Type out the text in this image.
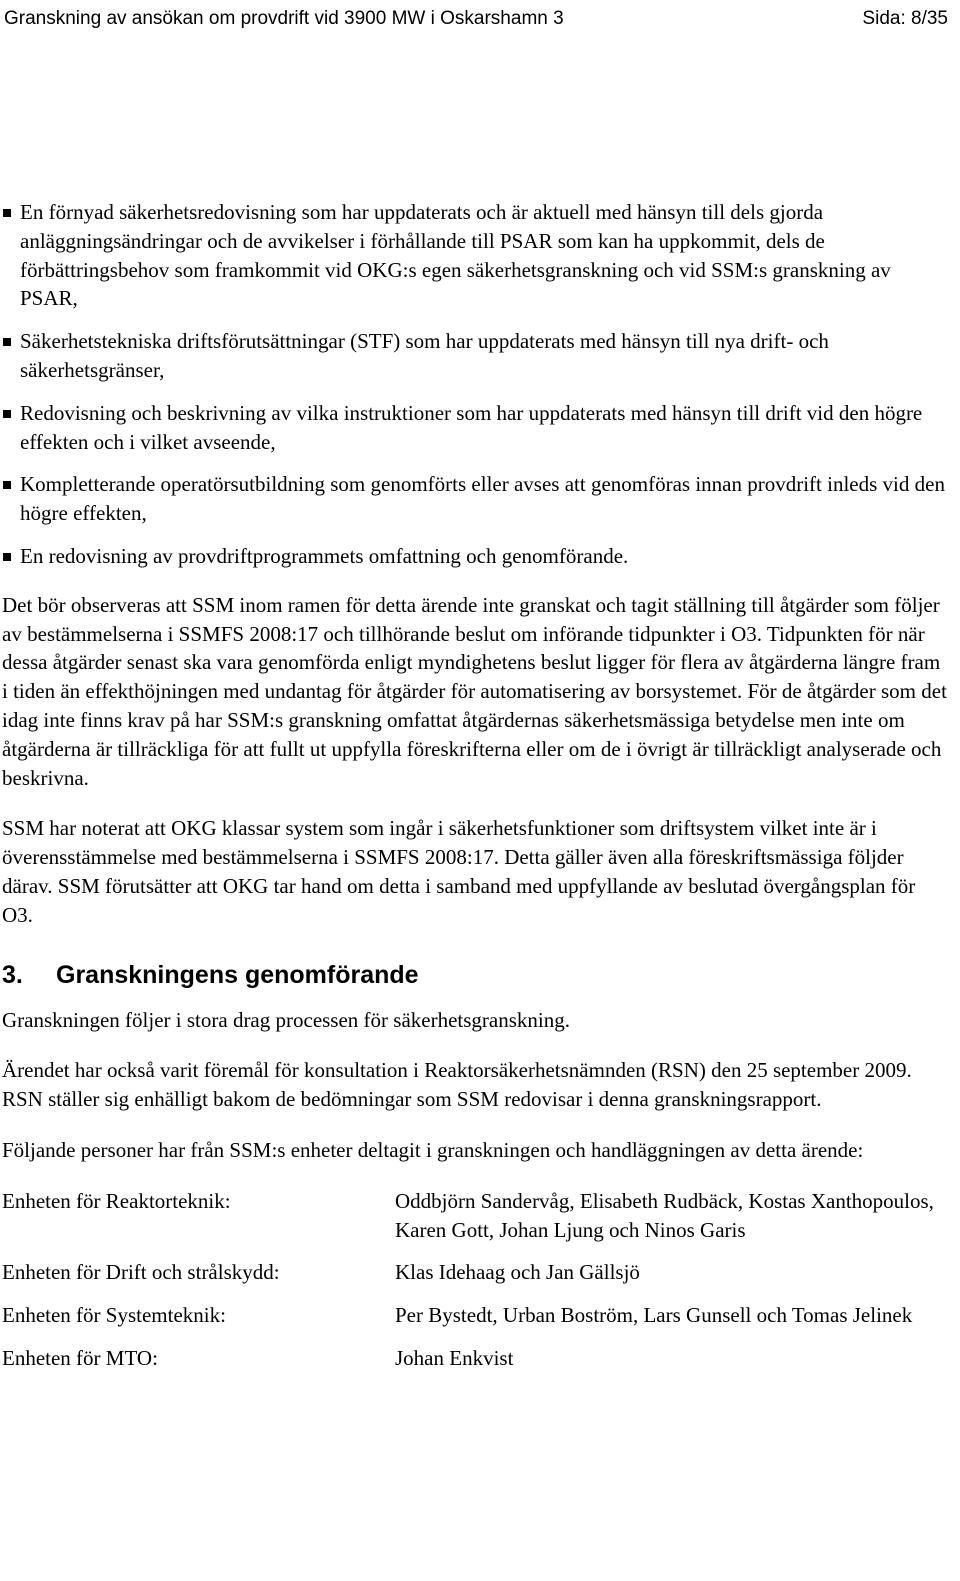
Granskning av ansökan om provdrift vid 3900 MW i Oskarshamn 3	Sida: 8/35
En förnyad säkerhetsredovisning som har uppdaterats och är aktuell med hänsyn till dels gjorda anläggningsändringar och de avvikelser i förhållande till PSAR som kan ha uppkommit, dels de förbättringsbehov som framkommit vid OKG:s egen säkerhetsgranskning och vid SSM:s granskning av PSAR,
Säkerhetstekniska driftsförutsättningar (STF) som har uppdaterats med hänsyn till nya drift- och säkerhetsgränser,
Redovisning och beskrivning av vilka instruktioner som har uppdaterats med hänsyn till drift vid den högre effekten och i vilket avseende,
Kompletterande operatörsutbildning som genomförts eller avses att genomföras innan provdrift inleds vid den högre effekten,
En redovisning av provdriftprogrammets omfattning och genomförande.

Det bör observeras att SSM inom ramen för detta ärende inte granskat och tagit ställning till åtgärder som följer av bestämmelserna i SSMFS 2008:17 och tillhörande beslut om införande tidpunkter i O3. Tidpunkten för när dessa åtgärder senast ska vara genomförda enligt myndighetens beslut ligger för flera av åtgärderna längre fram i tiden än effekthöjningen med undantag för åtgärder för automatisering av borsystemet. För de åtgärder som det idag inte finns krav på har SSM:s granskning omfattat åtgärdernas säkerhetsmässiga betydelse men inte om åtgärderna är tillräckliga för att fullt ut uppfylla föreskrifterna eller om de i övrigt är tillräckligt analyserade och beskrivna.

SSM har noterat att OKG klassar system som ingår i säkerhetsfunktioner som driftsystem vilket inte är i överensstämmelse med bestämmelserna i SSMFS 2008:17. Detta gäller även alla föreskriftsmässiga följder därav. SSM förutsätter att OKG tar hand om detta i samband med uppfyllande av beslutad övergångsplan för O3.

3. Granskningens genomförande

Granskningen följer i stora drag processen för säkerhetsgranskning.

Ärendet har också varit föremål för konsultation i Reaktorsäkerhetsnämnden (RSN) den 25 september 2009. RSN ställer sig enhälligt bakom de bedömningar som SSM redovisar i denna granskningsrapport.

Följande personer har från SSM:s enheter deltagit i granskningen och handläggningen av detta ärende:

Enheten för Reaktorteknik:	Oddbjörn Sandervåg, Elisabeth Rudbäck, Kostas Xanthopoulos, Karen Gott, Johan Ljung och Ninos Garis
Enheten för Drift och strålskydd:	Klas Idehaag och Jan Gällsjö
Enheten för Systemteknik:	Per Bystedt, Urban Boström, Lars Gunsell och Tomas Jelinek
Enheten för MTO:	Johan Enkvist
